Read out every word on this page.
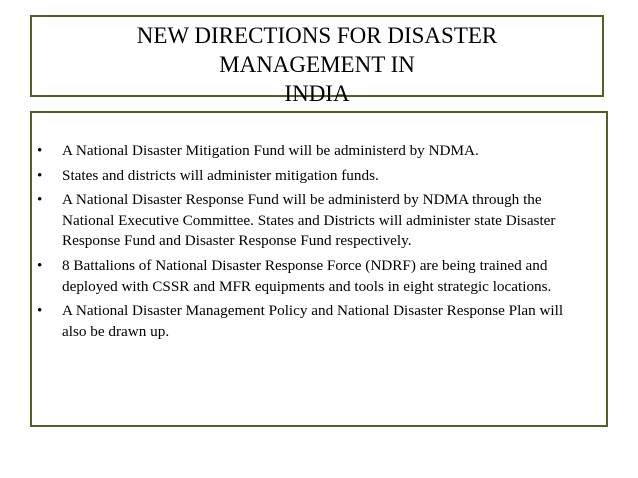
NEW DIRECTIONS FOR DISASTER
MANAGEMENT IN
INDIA
• A National Disaster Mitigation Fund will be administerd by NDMA.
• States and districts will administer mitigation funds.
• A National Disaster Response Fund will be administerd by NDMA through the National Executive Committee. States and Districts will administer state Disaster Response Fund and Disaster Response Fund respectively.
• 8 Battalions of National Disaster Response Force (NDRF) are being trained and deployed with CSSR and MFR equipments and tools in eight strategic locations.
• A National Disaster Management Policy and National Disaster Response Plan will also be drawn up.
